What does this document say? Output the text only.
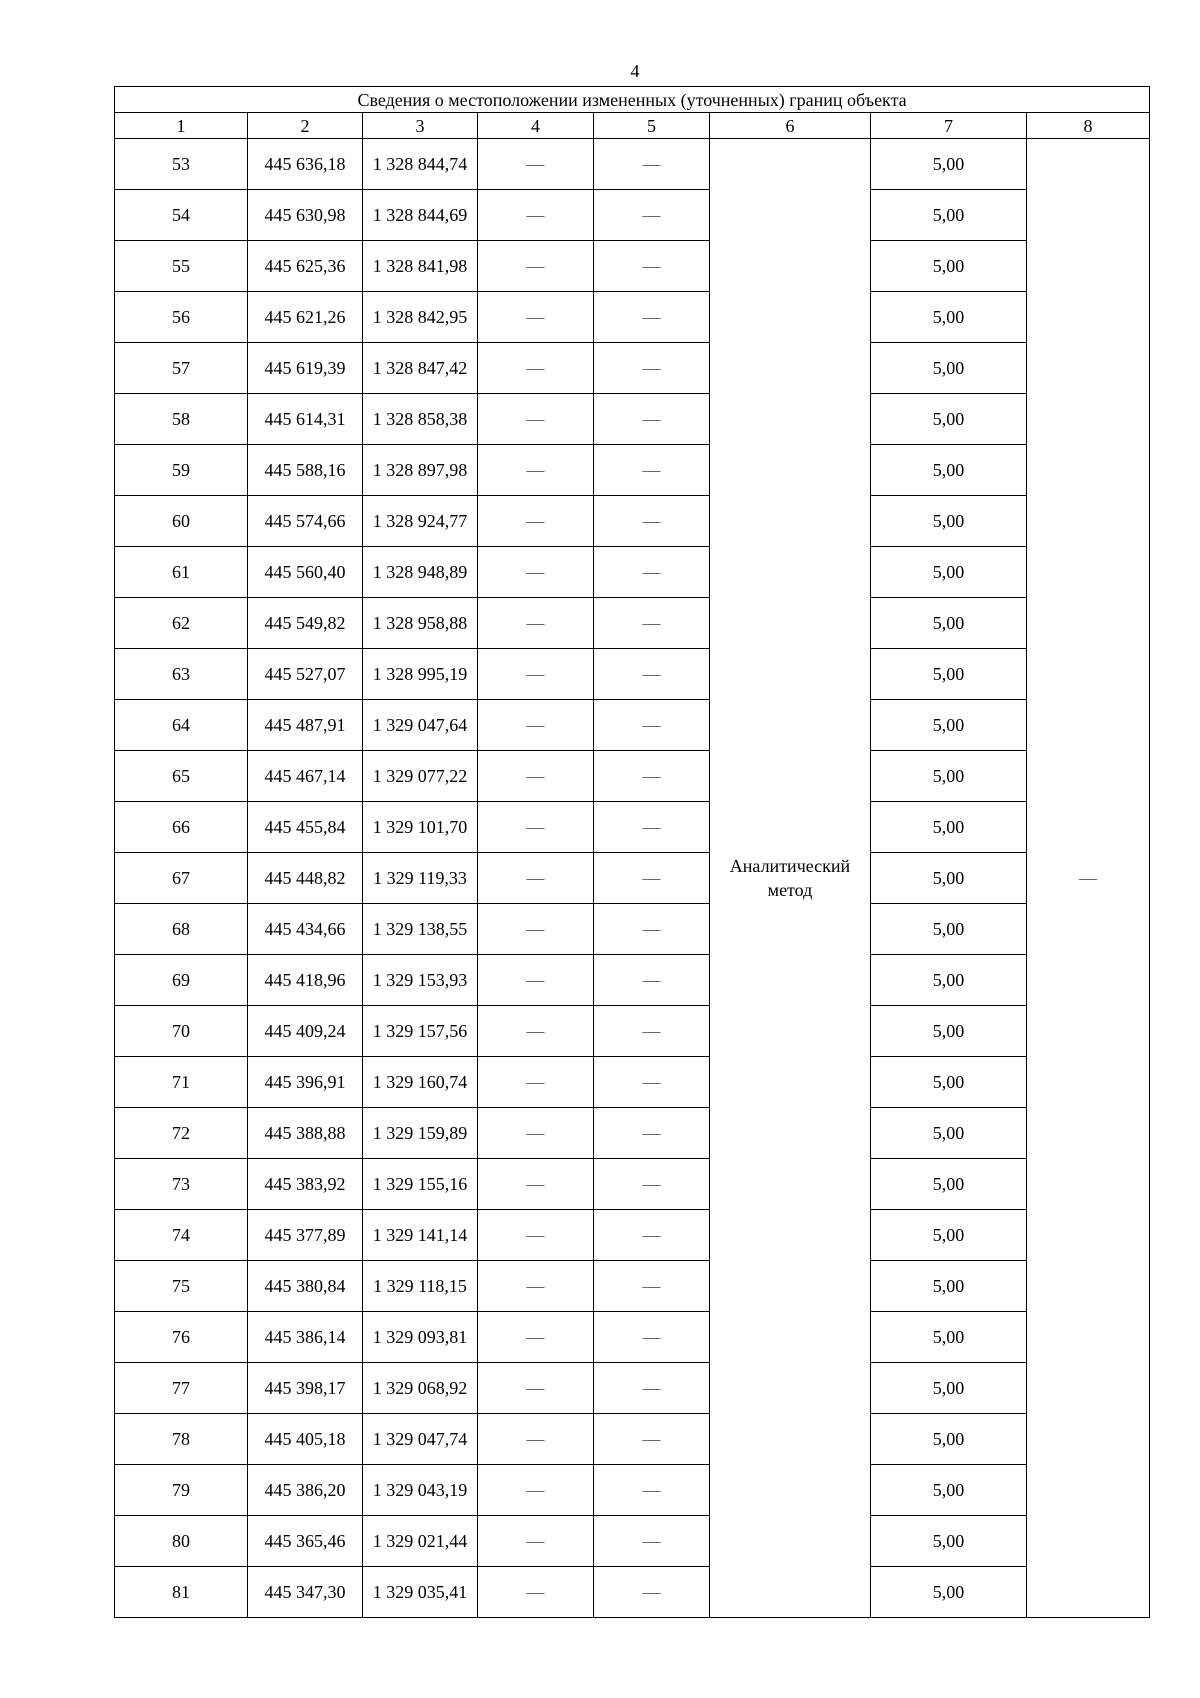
4
Сведения о местоположении измененных (уточненных) границ объекта							
1	2	3	4	5	6	7	8
53	445 636,18	1 328 844,74	—	—	Аналитический метод	5,00	—
54	445 630,98	1 328 844,69	—	—		5,00	
55	445 625,36	1 328 841,98	—	—		5,00	
56	445 621,26	1 328 842,95	—	—		5,00	
57	445 619,39	1 328 847,42	—	—		5,00	
58	445 614,31	1 328 858,38	—	—		5,00	
59	445 588,16	1 328 897,98	—	—		5,00	
60	445 574,66	1 328 924,77	—	—		5,00	
61	445 560,40	1 328 948,89	—	—		5,00	
62	445 549,82	1 328 958,88	—	—		5,00	
63	445 527,07	1 328 995,19	—	—		5,00	
64	445 487,91	1 329 047,64	—	—		5,00	
65	445 467,14	1 329 077,22	—	—		5,00	
66	445 455,84	1 329 101,70	—	—		5,00	
67	445 448,82	1 329 119,33	—	—		5,00	
68	445 434,66	1 329 138,55	—	—		5,00	
69	445 418,96	1 329 153,93	—	—		5,00	
70	445 409,24	1 329 157,56	—	—		5,00	
71	445 396,91	1 329 160,74	—	—		5,00	
72	445 388,88	1 329 159,89	—	—		5,00	
73	445 383,92	1 329 155,16	—	—		5,00	
74	445 377,89	1 329 141,14	—	—		5,00	
75	445 380,84	1 329 118,15	—	—		5,00	
76	445 386,14	1 329 093,81	—	—		5,00	
77	445 398,17	1 329 068,92	—	—		5,00	
78	445 405,18	1 329 047,74	—	—		5,00	
79	445 386,20	1 329 043,19	—	—		5,00	
80	445 365,46	1 329 021,44	—	—		5,00	
81	445 347,30	1 329 035,41	—	—		5,00	
